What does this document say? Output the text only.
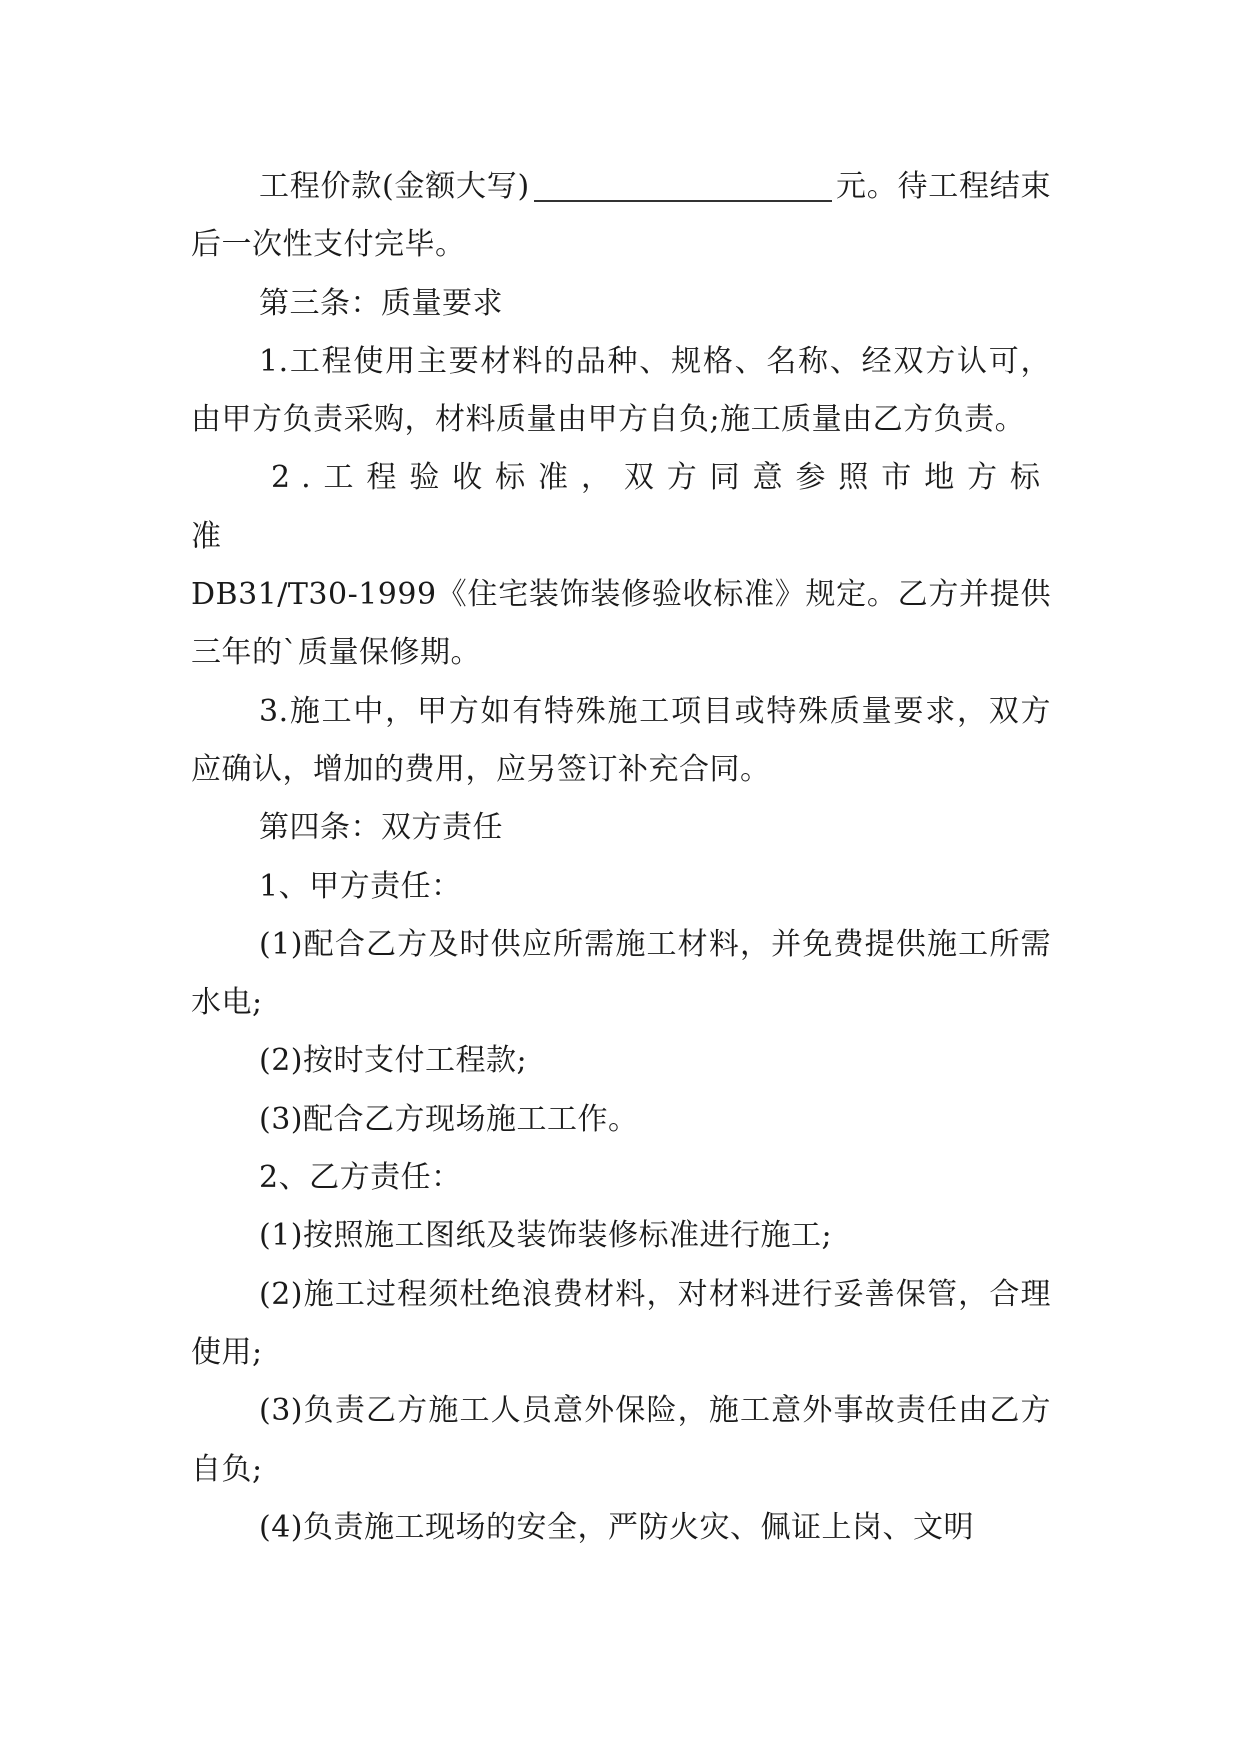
工程价款(金额大写)	元。待工程结束后一次性支付完毕。

第三条：质量要求

1.工程使用主要材料的品种、规格、名称、经双方认可，由甲方负责采购，材料质量由甲方自负;施工质量由乙方负责。

2.工程验收标准，双方同意参照市地方标准

DB31/T30-1999《住宅装饰装修验收标准》规定。乙方并提供三年的`质量保修期。

3.施工中，甲方如有特殊施工项目或特殊质量要求，双方应确认，增加的费用，应另签订补充合同。

第四条：双方责任

1、甲方责任：

(1)配合乙方及时供应所需施工材料，并免费提供施工所需水电;

(2)按时支付工程款;

(3)配合乙方现场施工工作。

2、乙方责任：

(1)按照施工图纸及装饰装修标准进行施工;

(2)施工过程须杜绝浪费材料，对材料进行妥善保管，合理使用;

(3)负责乙方施工人员意外保险，施工意外事故责任由乙方自负;

(4)负责施工现场的安全，严防火灾、佩证上岗、文明
